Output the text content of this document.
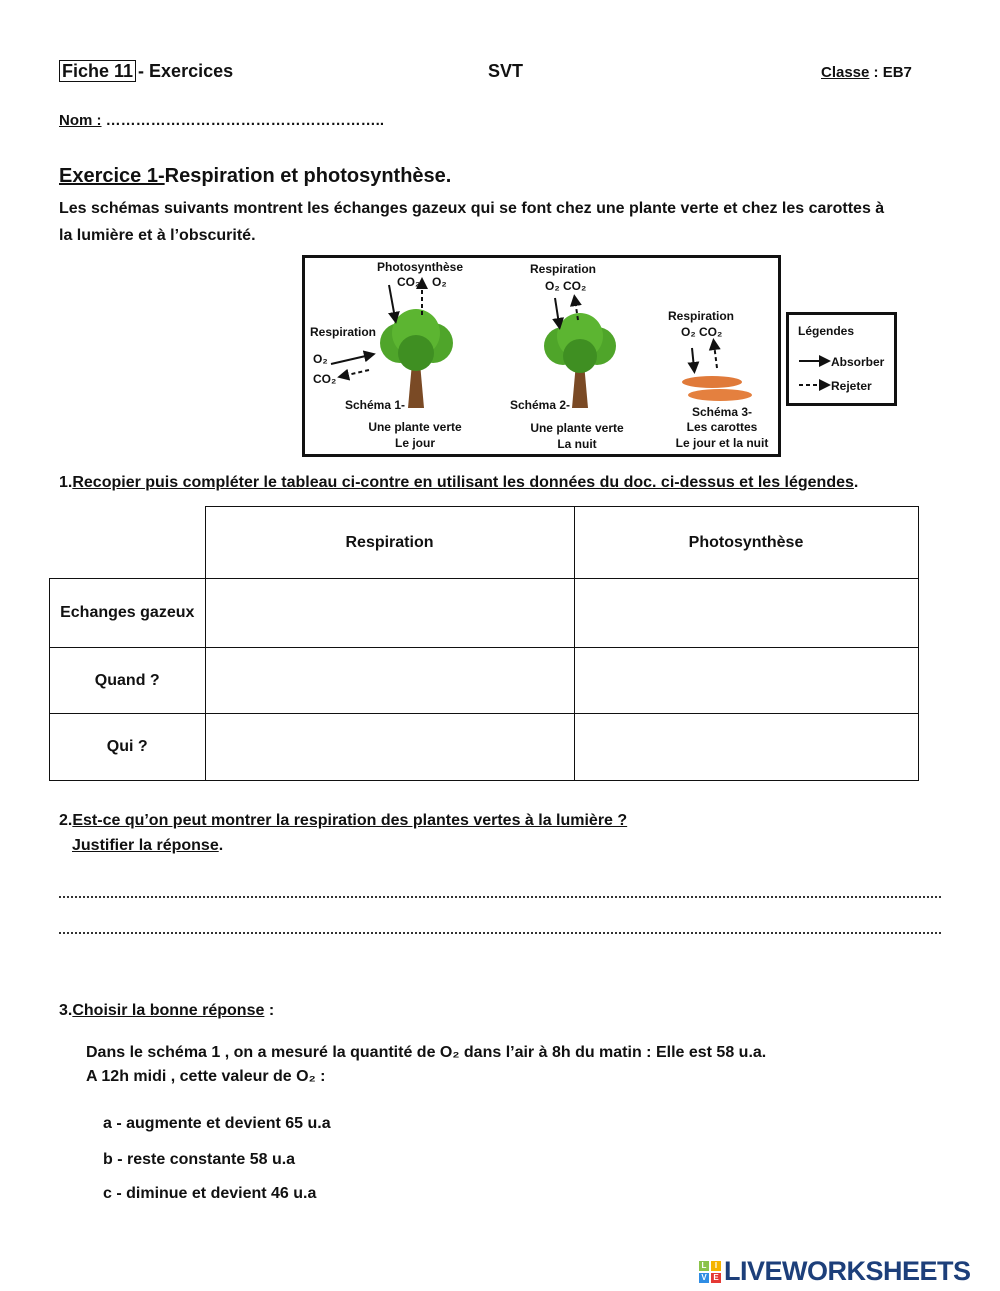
Fiche 11 - Exercices	SVT	Classe : EB7
Nom : ………………………………………………..
Exercice 1-Respiration et photosynthèse.
Les schémas suivants montrent les échanges gazeux qui se font chez une plante verte et chez les carottes à
la lumière et à l’obscurité.
Photosynthèse
CO₂ O₂
Respiration
O₂
CO₂
Schéma 1-
Une plante verte
Le jour
Respiration
O₂ CO₂
Schéma 2-
Une plante verte
La nuit
Respiration
O₂ CO₂
Schéma 3-
Les carottes
Le jour et la nuit
Légendes
Absorber
Rejeter
1.Recopier puis compléter le tableau ci-contre en utilisant les données du doc. ci-dessus et les légendes.
	Respiration	Photosynthèse
Echanges gazeux		
Quand ?		
Qui ?		
2.Est-ce qu’on peut montrer la respiration des plantes vertes à la lumière ?
Justifier la réponse.
3.Choisir la bonne réponse :
Dans le schéma 1 , on a mesuré la quantité de O₂ dans l’air à 8h du matin : Elle est 58 u.a.
A 12h midi , cette valeur de O₂ :
a - augmente et devient 65 u.a
b - reste constante 58 u.a
c - diminue et devient 46 u.a
L IV E LIVEWORKSHEETS
